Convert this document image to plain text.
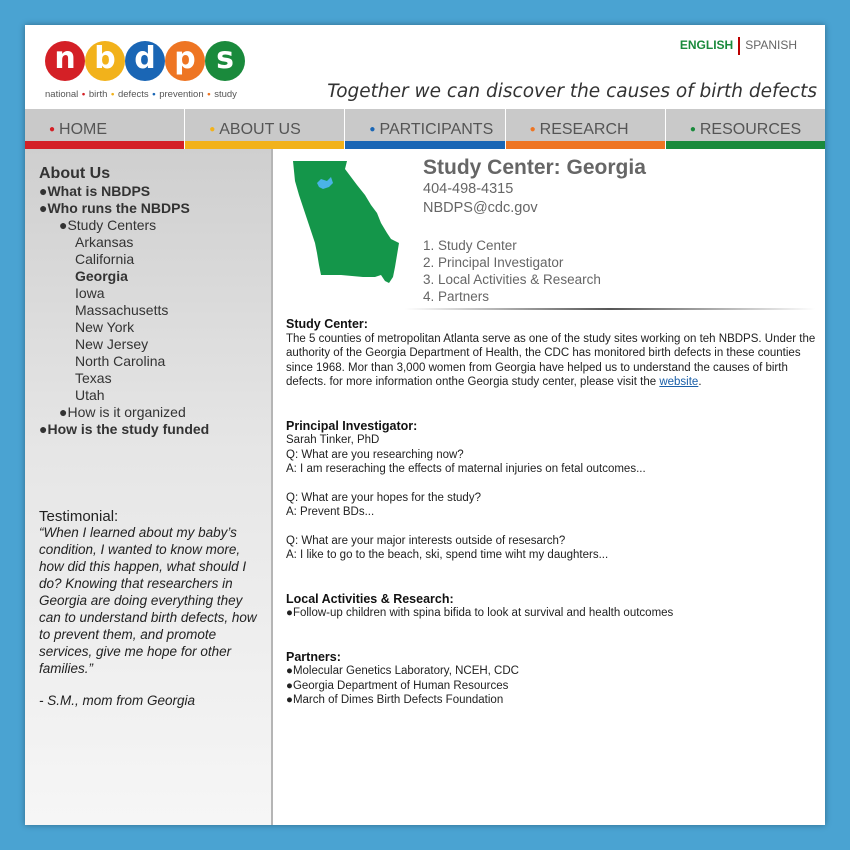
n b d p s
national • birth • defects • prevention • study
ENGLISH SPANISH
Together we can discover the causes of birth defects
● HOME	● ABOUT US	● PARTICIPANTS	● RESEARCH	● RESOURCES
About Us
●What is NBDPS
●Who runs the NBDPS
●Study Centers
Arkansas
California
Georgia
Iowa
Massachusetts
New York
New Jersey
North Carolina
Texas
Utah
●How is it organized
●How is the study funded
Testimonial:
“When I learned about my baby’s condition, I wanted to know more, how did this happen, what should I do? Knowing that researchers in Georgia are doing everything they can to understand birth defects, how to prevent them, and promote services, give me hope for other families.”
- S.M., mom from Georgia
Study Center: Georgia
404-498-4315
NBDPS@cdc.gov
1. Study Center
2. Principal Investigator
3. Local Activities & Research
4. Partners
Study Center:

The 5 counties of metropolitan Atlanta serve as one of the study sites working on teh NBDPS. Under the authority of the Georgia Department of Health, the CDC has monitored birth defects in these counties since 1968. Mor than 3,000 women from Georgia have helped us to understand the causes of birth defects. for more information onthe Georgia study center, please visit the website.

Principal Investigator:

Sarah Tinker, PhD

Q: What are you researching now?

A: I am reseraching the effects of maternal injuries on fetal outcomes...

Q: What are your hopes for the study?

A: Prevent BDs...

Q: What are your major interests outside of resesarch?

A: I like to go to the beach, ski, spend time wiht my daughters...

Local Activities & Research:

●Follow-up children with spina bifida to look at survival and health outcomes

Partners:

●Molecular Genetics Laboratory, NCEH, CDC

●Georgia Department of Human Resources

●March of Dimes Birth Defects Foundation
